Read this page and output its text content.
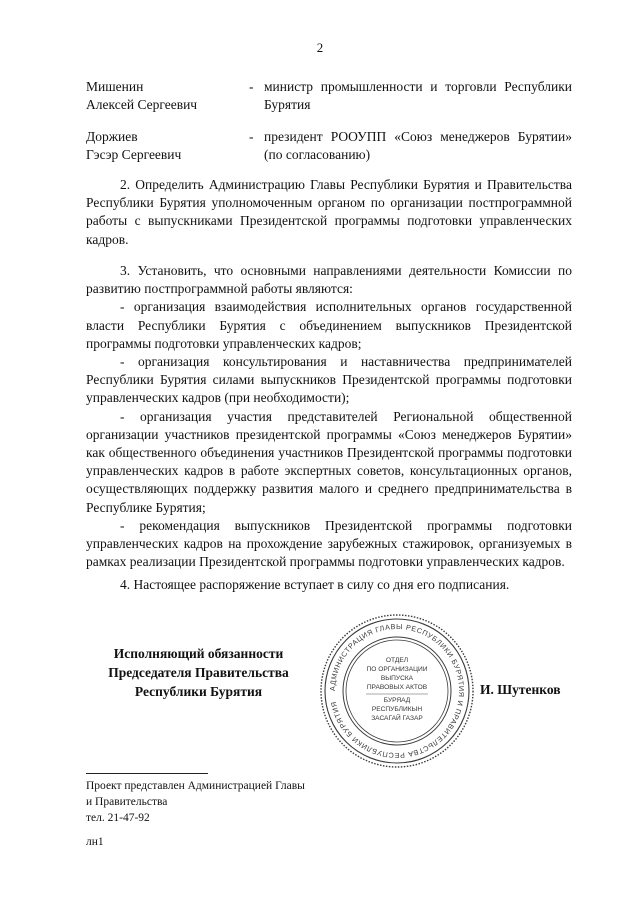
2
Мишенин
Алексей Сергеевич
- министр промышленности и торговли Республики Бурятия
Доржиев
Гэсэр Сергеевич
- президент РООУПП «Союз менеджеров Бурятии» (по согласованию)

2. Определить Администрацию Главы Республики Бурятия и Правительства Республики Бурятия уполномоченным органом по организации постпрограммной работы с выпускниками Президентской программы подготовки управленческих кадров.

3. Установить, что основными направлениями деятельности Комиссии по развитию постпрограммной работы являются:

- организация взаимодействия исполнительных органов государственной власти Республики Бурятия с объединением выпускников Президентской программы подготовки управленческих кадров;

- организация консультирования и наставничества предпринимателей Республики Бурятия силами выпускников Президентской программы подготовки управленческих кадров (при необходимости);

- организация участия представителей Региональной общественной организации участников президентской программы «Союз менеджеров Бурятии» как общественного объединения участников Президентской программы подготовки управленческих кадров в работе экспертных советов, консультационных органов, осуществляющих поддержку развития малого и среднего предпринимательства в Республике Бурятия;

- рекомендация выпускников Президентской программы подготовки управленческих кадров на прохождение зарубежных стажировок, организуемых в рамках реализации Президентской программы подготовки управленческих кадров.

4. Настоящее распоряжение вступает в силу со дня его подписания.

Исполняющий обязанности
Председателя Правительства
Республики Бурятия	АДМИНИСТРАЦИЯ ГЛАВЫ РЕСПУБЛИКИ БУРЯТИЯ И ПРАВИТЕЛЬСТВА РЕСПУБЛИКИ БУРЯТИЯ
ОТДЕЛ
ПО ОРГАНИЗАЦИИ
ВЫПУСКА
ПРАВОВЫХ АКТОВ
БУРЯАД
РЕСПУБЛИКЫН
ЗАСАГАЙ ГАЗАР
И. Шутенков
Проект представлен Администрацией Главы
и Правительства
тел. 21-47-92
лн1
